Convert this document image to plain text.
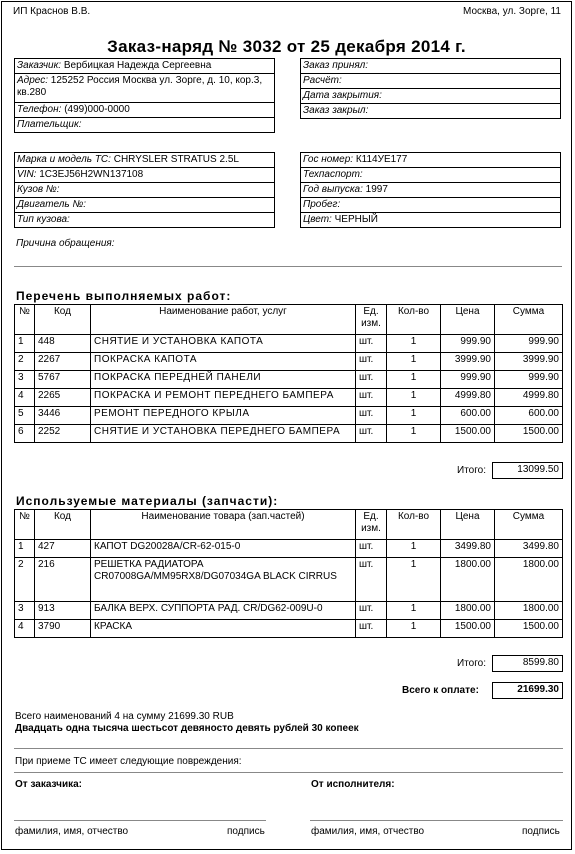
ИП Краснов В.В.	Москва, ул. Зорге, 11
Заказ-наряд № 3032 от 25 декабря 2014 г.
Заказчик: Вербицкая Надежда Сергеевна
Адрес: 125252 Россия Москва ул. Зорге, д. 10, кор.3, кв.280
Телефон: (499)000-0000
Плательщик:
Заказ принял:
Расчёт:
Дата закрытия:
Заказ закрыл:
Марка и модель ТС: CHRYSLER STRATUS 2.5L
VIN: 1C3EJ56H2WN137108
Кузов №:
Двигатель №:
Тип кузова:
Гос номер: К114УЕ177
Техпаспорт:
Год выпуска: 1997
Пробег:
Цвет: ЧЕРНЫЙ
Причина обращения:
Перечень выполняемых работ:
№	Код	Наименование работ, услуг	Ед. изм.	Кол-во	Цена	Сумма
1	448	СНЯТИЕ И УСТАНОВКА КАПОТА	шт.	1	999.90	999.90
2	2267	ПОКРАСКА КАПОТА	шт.	1	3999.90	3999.90
3	5767	ПОКРАСКА ПЕРЕДНЕЙ ПАНЕЛИ	шт.	1	999.90	999.90
4	2265	ПОКРАСКА И РЕМОНТ ПЕРЕДНЕГО БАМПЕРА	шт.	1	4999.80	4999.80
5	3446	РЕМОНТ ПЕРЕДНОГО КРЫЛА	шт.	1	600.00	600.00
6	2252	СНЯТИЕ И УСТАНОВКА ПЕРЕДНЕГО БАМПЕРА	шт.	1	1500.00	1500.00
Итого:	13099.50
Используемые материалы (запчасти):
№	Код	Наименование товара (зап.частей)	Ед. изм.	Кол-во	Цена	Сумма
1	427	КАПОТ DG20028A/CR-62-015-0	шт.	1	3499.80	3499.80
2	216	РЕШЕТКА РАДИАТОРА CR07008GA/MM95RX8/DG07034GA BLACK CIRRUS	шт.	1	1800.00	1800.00
3	913	БАЛКА ВЕРХ. СУППОРТА РАД. CR/DG62-009U-0	шт.	1	1800.00	1800.00
4	3790	КРАСКА	шт.	1	1500.00	1500.00
Итого:	8599.80
Всего к оплате:	21699.30
Всего наименований 4 на сумму 21699.30 RUB
Двадцать одна тысяча шестьсот девяносто девять рублей 30 копеек
При приеме ТС имеет следующие повреждения:
От заказчика:	От исполнителя:
фамилия, имя, отчество	подпись	фамилия, имя, отчество	подпись
